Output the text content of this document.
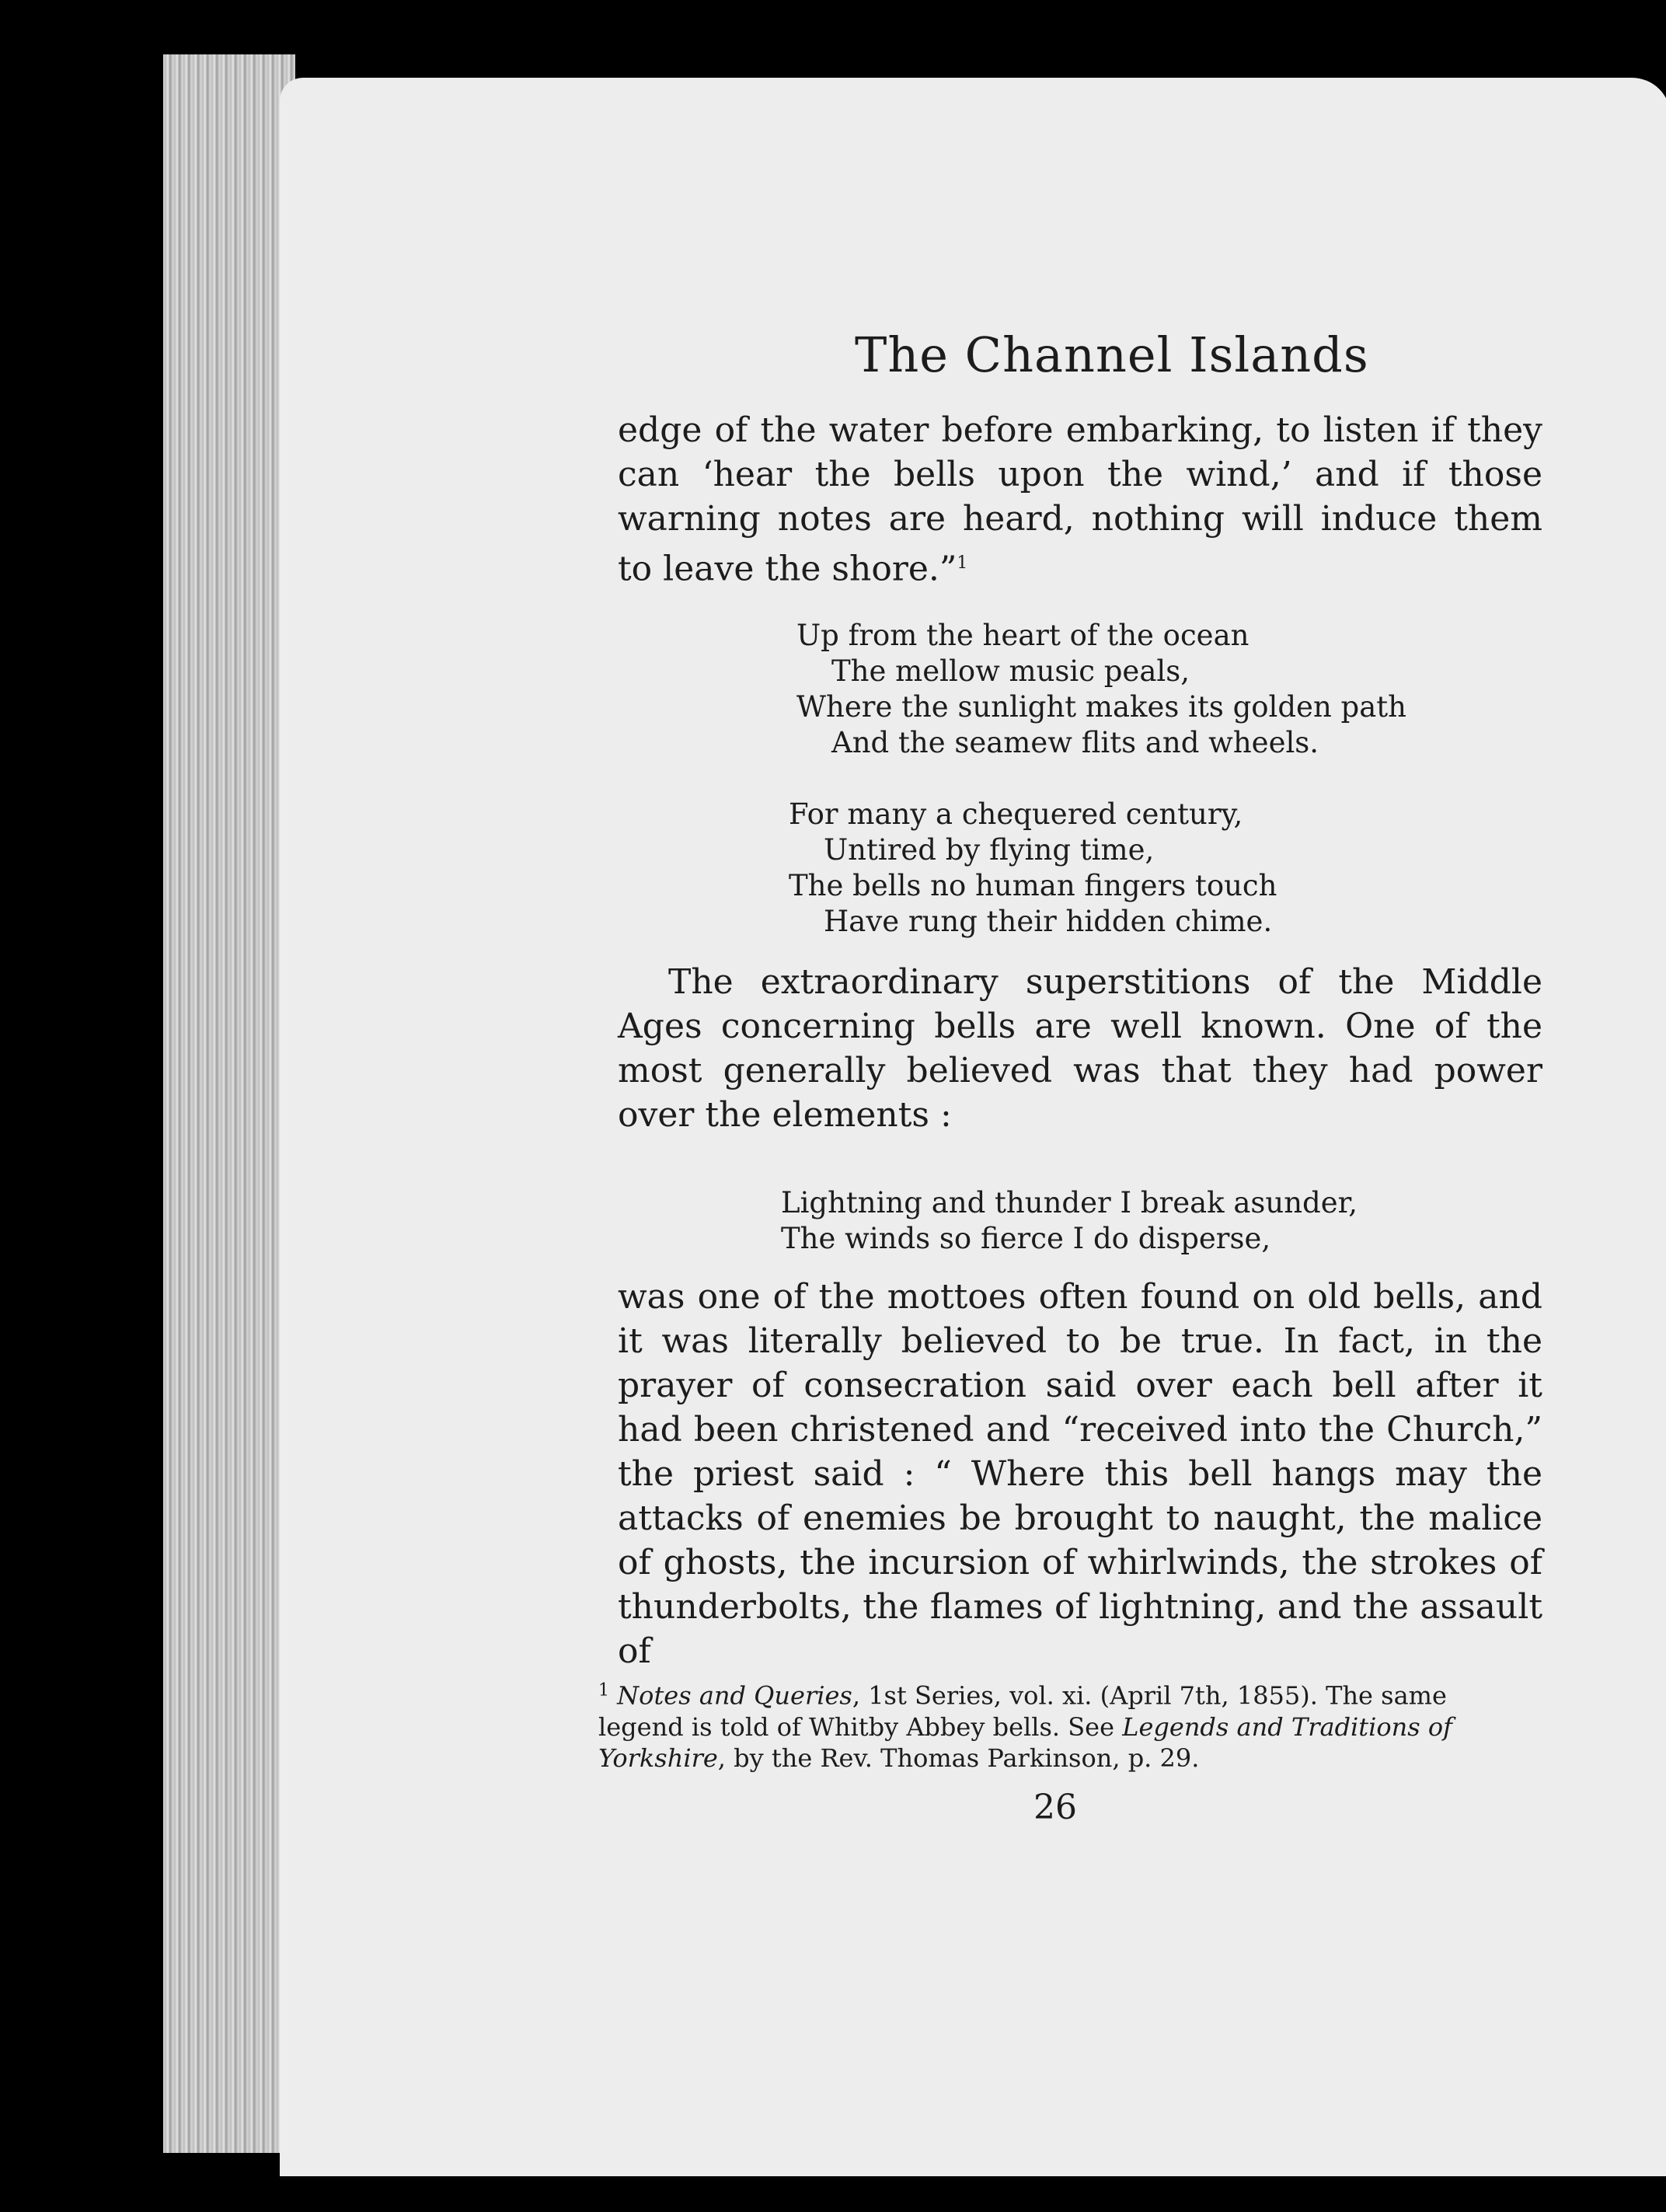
The Channel Islands

edge of the water before embarking, to listen if they can ‘hear the bells upon the wind,’ and if those warning notes are heard, nothing will induce them to leave the shore.”$^1$

Up from the heart of the ocean
The mellow music peals,
Where the sunlight makes its golden path
And the seamew flits and wheels.
For many a chequered century,
Untired by flying time,
The bells no human fingers touch
Have rung their hidden chime.

The extraordinary superstitions of the Middle Ages concerning bells are well known. One of the most generally believed was that they had power over the elements :

Lightning and thunder I break asunder,
The winds so fierce I do disperse,

was one of the mottoes often found on old bells, and it was literally believed to be true. In fact, in the prayer of consecration said over each bell after it had been christened and “received into the Church,” the priest said : “ Where this bell hangs may the attacks of enemies be brought to naught, the malice of ghosts, the incursion of whirlwinds, the strokes of thunderbolts, the flames of lightning, and the assault of

$^1$ Notes and Queries, 1st Series, vol. xi. (April 7th, 1855). The same legend is told of Whitby Abbey bells. See Legends and Traditions of Yorkshire, by the Rev. Thomas Parkinson, p. 29.

26
